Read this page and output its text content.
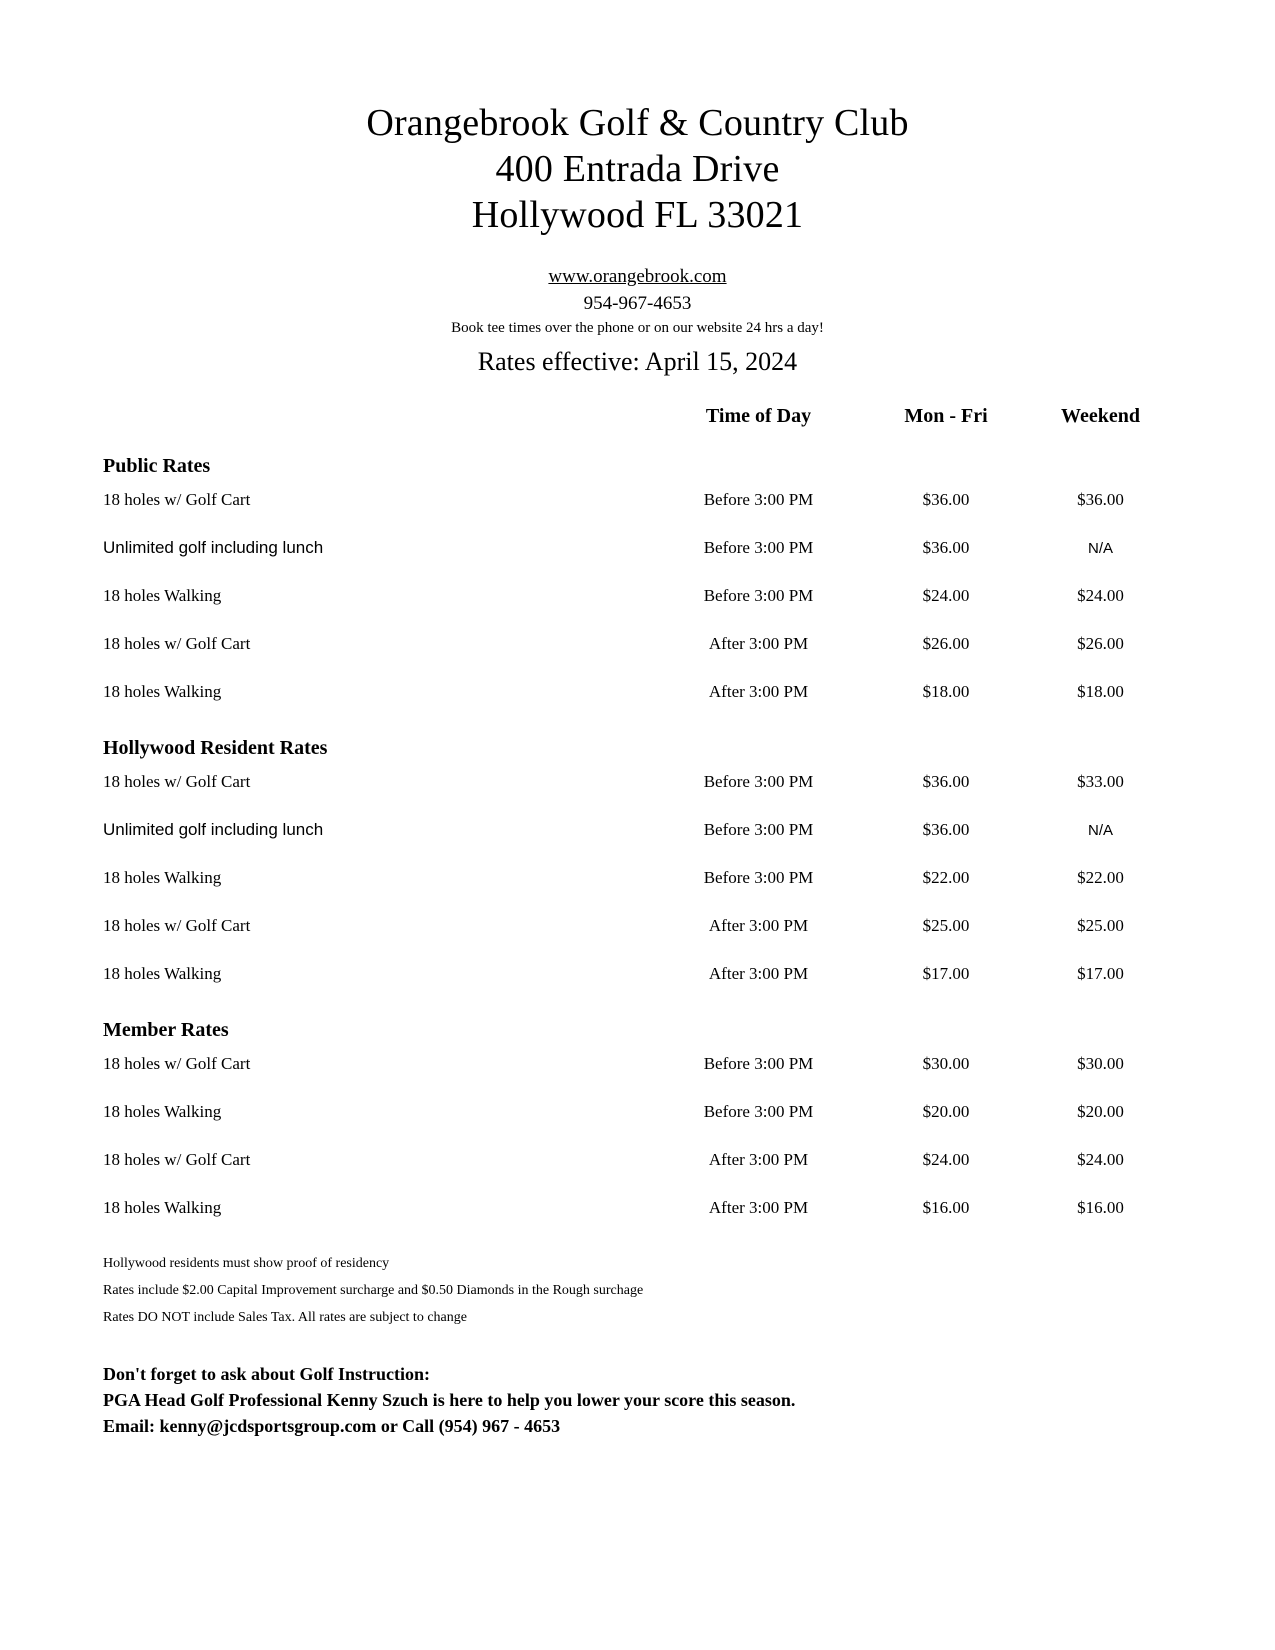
Orangebrook Golf & Country Club
400 Entrada Drive
Hollywood FL 33021
www.orangebrook.com
954-967-4653
Book tee times over the phone or on our website 24 hrs a day!
Rates effective: April 15, 2024
	Time of Day	Mon - Fri	Weekend

Public Rates			

18 holes w/ Golf Cart	Before 3:00 PM	$36.00	$36.00
Unlimited golf including lunch	Before 3:00 PM	$36.00	N/A
18 holes Walking	Before 3:00 PM	$24.00	$24.00
18 holes w/ Golf Cart	After 3:00 PM	$26.00	$26.00
18 holes Walking	After 3:00 PM	$18.00	$18.00

Hollywood Resident Rates			

18 holes w/ Golf Cart	Before 3:00 PM	$36.00	$33.00
Unlimited golf including lunch	Before 3:00 PM	$36.00	N/A
18 holes Walking	Before 3:00 PM	$22.00	$22.00
18 holes w/ Golf Cart	After 3:00 PM	$25.00	$25.00
18 holes Walking	After 3:00 PM	$17.00	$17.00

Member Rates			

18 holes w/ Golf Cart	Before 3:00 PM	$30.00	$30.00
18 holes Walking	Before 3:00 PM	$20.00	$20.00
18 holes w/ Golf Cart	After 3:00 PM	$24.00	$24.00
18 holes Walking	After 3:00 PM	$16.00	$16.00
Hollywood residents must show proof of residency
Rates include $2.00 Capital Improvement surcharge and $0.50 Diamonds in the Rough surchage
Rates DO NOT include Sales Tax. All rates are subject to change
Don't forget to ask about Golf Instruction:
PGA Head Golf Professional Kenny Szuch is here to help you lower your score this season.
Email: kenny@jcdsportsgroup.com or Call (954) 967 - 4653
